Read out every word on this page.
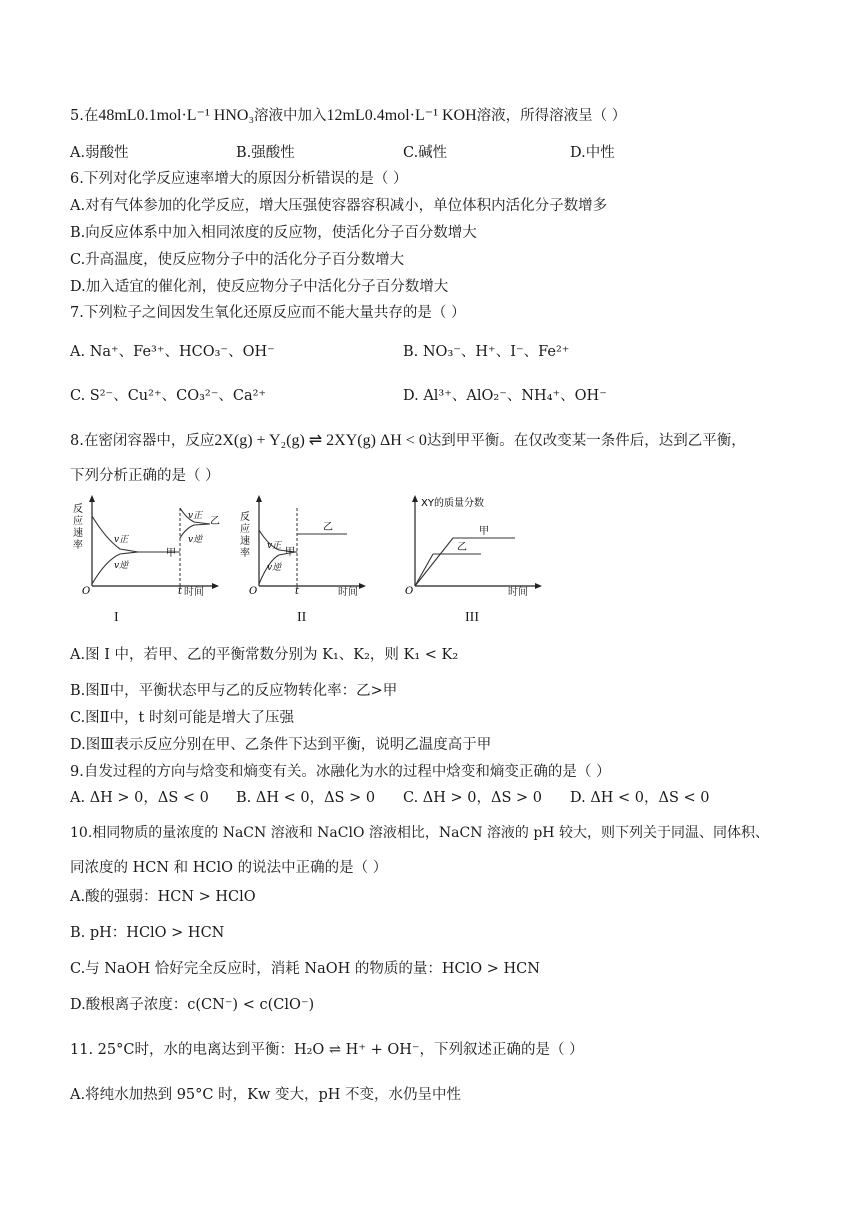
5.在48mL0.1mol·L⁻¹ HNO₃溶液中加入12mL0.4mol·L⁻¹ KOH溶液，所得溶液呈（ ）
A.弱酸性	B.强酸性	C.碱性	D.中性
6.下列对化学反应速率增大的原因分析错误的是（ ）
A.对有气体参加的化学反应，增大压强使容器容积减小，单位体积内活化分子数增多
B.向反应体系中加入相同浓度的反应物，使活化分子百分数增大
C.升高温度，使反应物分子中的活化分子百分数增大
D.加入适宜的催化剂，使反应物分子中活化分子百分数增大
7.下列粒子之间因发生氧化还原反应而不能大量共存的是（ ）
A. Na⁺、Fe³⁺、HCO₃⁻、OH⁻	B. NO₃⁻、H⁺、I⁻、Fe²⁺
C. S²⁻、Cu²⁺、CO₃²⁻、Ca²⁺	D. Al³⁺、AlO₂⁻、NH₄⁺、OH⁻
8.在密闭容器中，反应2X(g) + Y₂(g) ⇌ 2XY(g) ΔH < 0达到甲平衡。在仅改变某一条件后，达到乙平衡，
下列分析正确的是（ ）
反
应
速
率	v正
v逆
甲
v正
v逆
乙
O	t 时间
反
应
速
率
v正
v逆
甲
乙
O	t	时间
XY的质量分数
甲
乙
O	时间
I	II	III
A.图 I 中，若甲、乙的平衡常数分别为 K₁、K₂，则 K₁ < K₂
B.图Ⅱ中，平衡状态甲与乙的反应物转化率：乙>甲
C.图Ⅱ中，t 时刻可能是增大了压强
D.图Ⅲ表示反应分别在甲、乙条件下达到平衡，说明乙温度高于甲
9.自发过程的方向与焓变和熵变有关。冰融化为水的过程中焓变和熵变正确的是（ ）
A. ΔH > 0，ΔS < 0 B. ΔH < 0，ΔS > 0 C. ΔH > 0，ΔS > 0 D. ΔH < 0，ΔS < 0
10.相同物质的量浓度的 NaCN 溶液和 NaClO 溶液相比，NaCN 溶液的 pH 较大，则下列关于同温、同体积、
同浓度的 HCN 和 HClO 的说法中正确的是（ ）
A.酸的强弱：HCN > HClO
B. pH：HClO > HCN
C.与 NaOH 恰好完全反应时，消耗 NaOH 的物质的量：HClO > HCN
D.酸根离子浓度：c(CN⁻) < c(ClO⁻)
11. 25°C时，水的电离达到平衡：H₂O ⇌ H⁺ + OH⁻，下列叙述正确的是（ ）
A.将纯水加热到 95°C 时，Kw 变大，pH 不变，水仍呈中性
